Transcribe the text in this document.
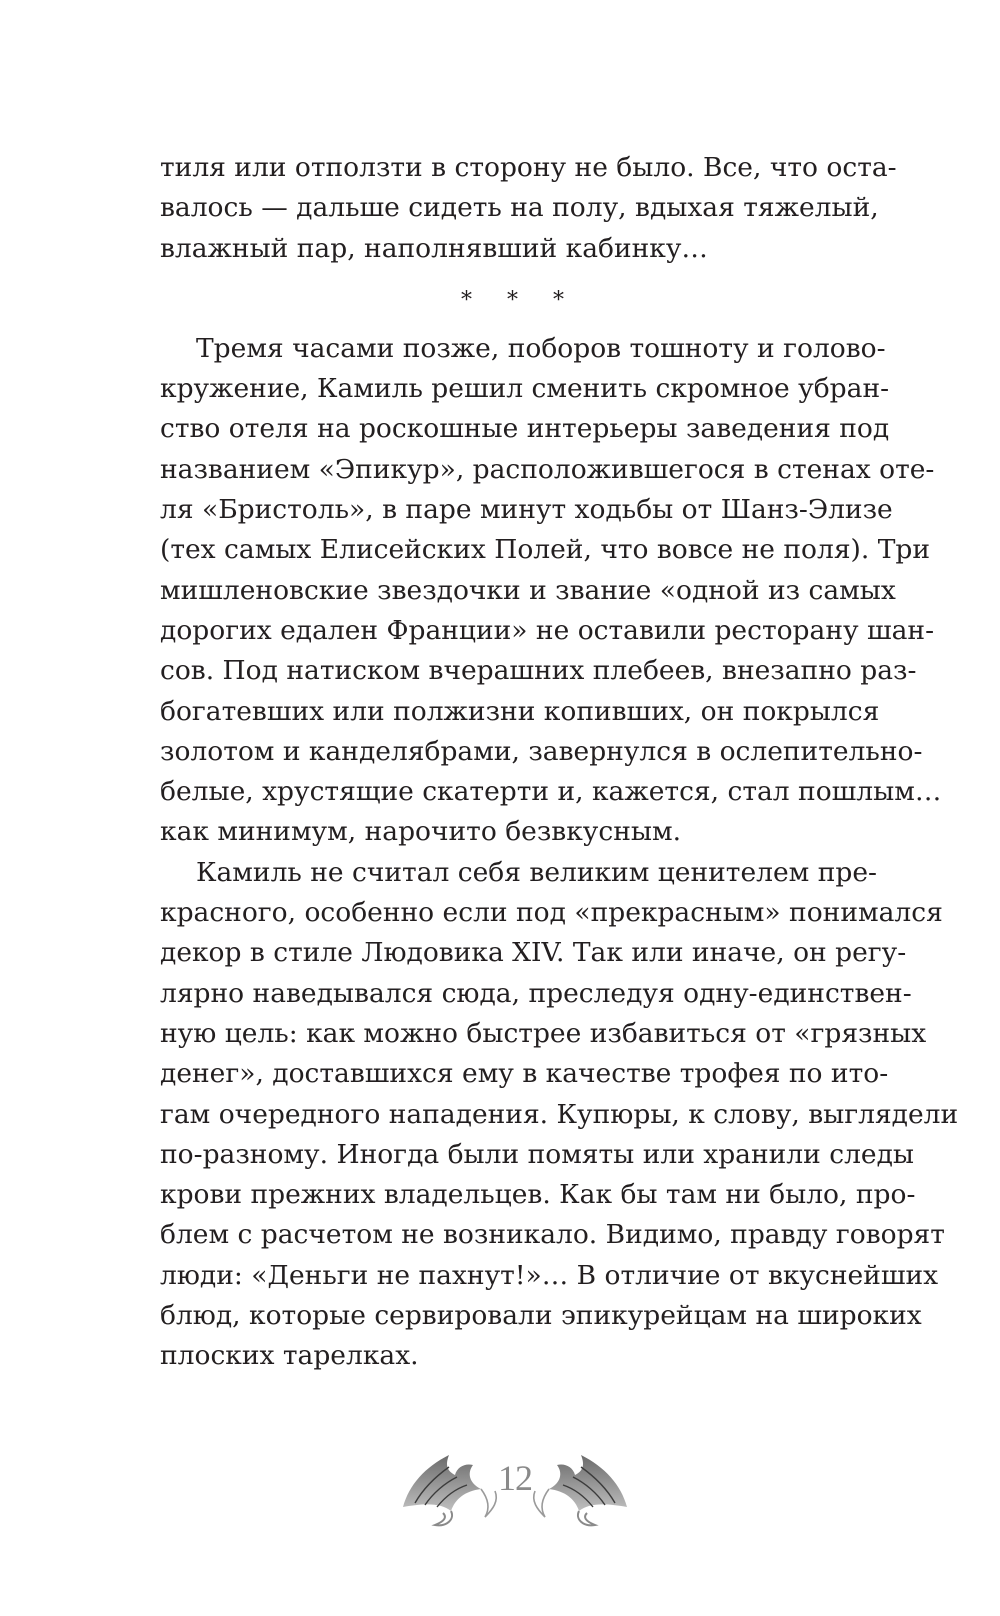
тиля или отползти в сторону не было. Все, что оста-
валось — дальше сидеть на полу, вдыхая тяжелый,
влажный пар, наполнявший кабинку…
* * *
Тремя часами позже, поборов тошноту и голово-
кружение, Камиль решил сменить скромное убран-
ство отеля на роскошные интерьеры заведения под
названием «Эпикур», расположившегося в стенах оте-
ля «Бристоль», в паре минут ходьбы от Шанз-Элизе
(тех самых Елисейских Полей, что вовсе не поля). Три
мишленовские звездочки и звание «одной из самых
дорогих едален Франции» не оставили ресторану шан-
сов. Под натиском вчерашних плебеев, внезапно раз-
богатевших или полжизни копивших, он покрылся
золотом и канделябрами, завернулся в ослепительно-
белые, хрустящие скатерти и, кажется, стал пошлым…
как минимум, нарочито безвкусным.
Камиль не считал себя великим ценителем пре-
красного, особенно если под «прекрасным» понимался
декор в стиле Людовика XIV. Так или иначе, он регу-
лярно наведывался сюда, преследуя одну-единствен-
ную цель: как можно быстрее избавиться от «грязных
денег», доставшихся ему в качестве трофея по ито-
гам очередного нападения. Купюры, к слову, выглядели
по-разному. Иногда были помяты или хранили следы
крови прежних владельцев. Как бы там ни было, про-
блем с расчетом не возникало. Видимо, правду говорят
люди: «Деньги не пахнут!»… В отличие от вкуснейших
блюд, которые сервировали эпикурейцам на широких
плоских тарелках.
12
